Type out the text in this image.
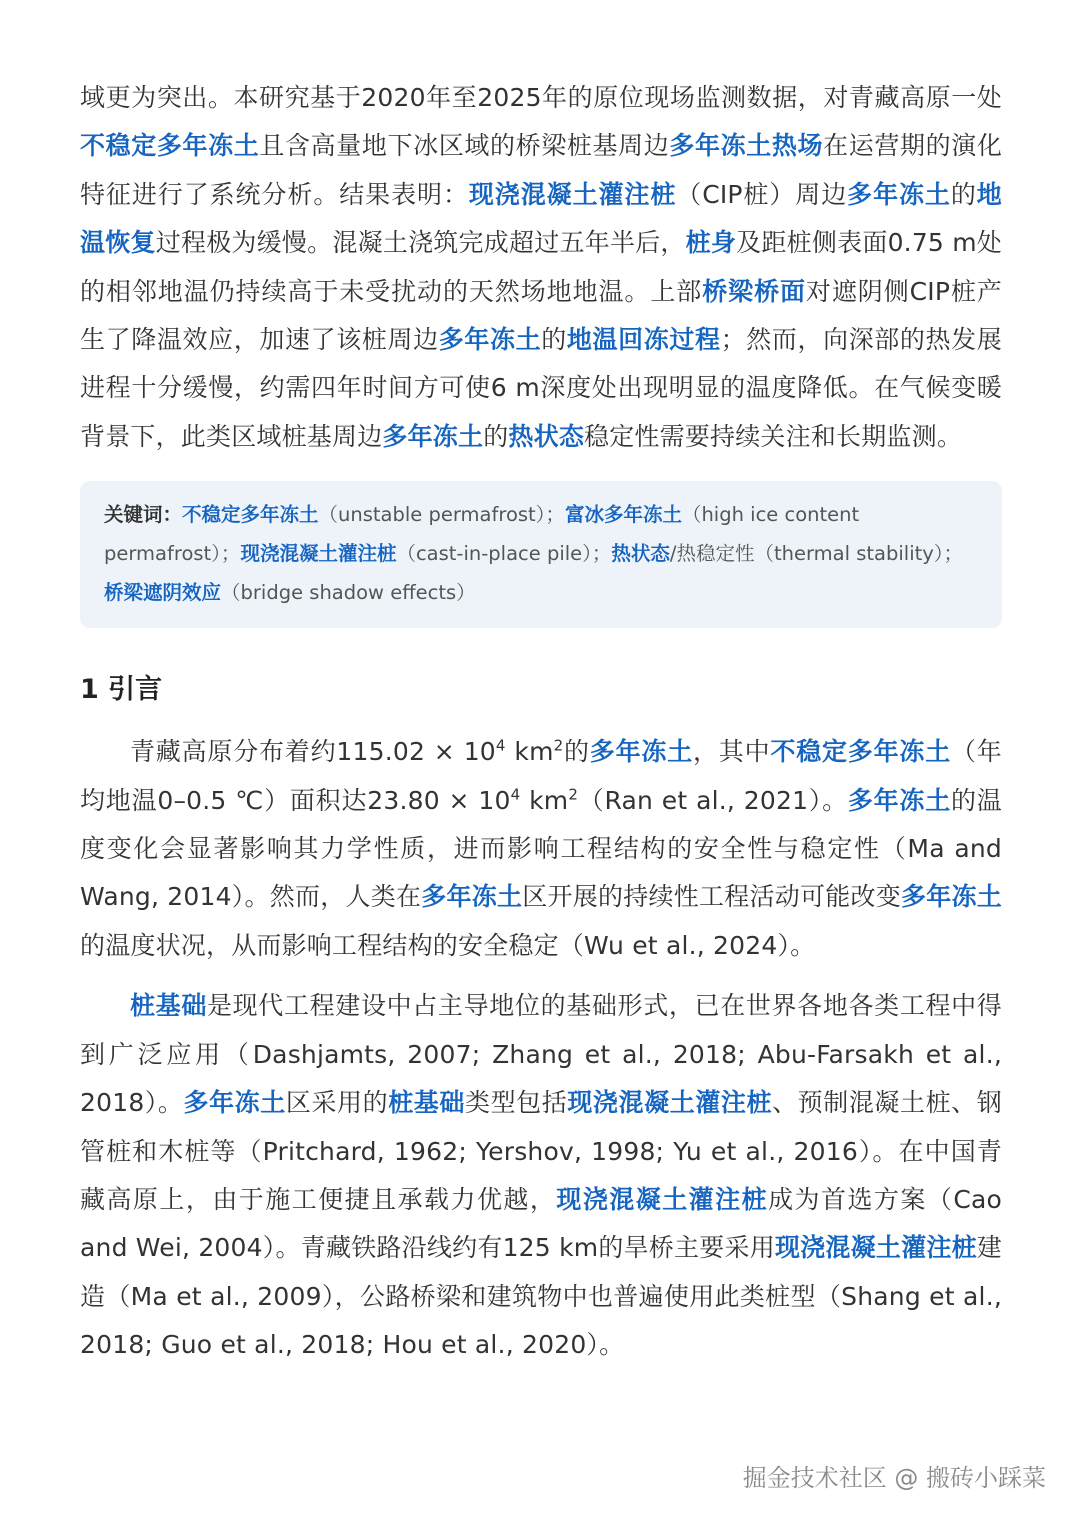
域更为突出。本研究基于2020年至2025年的原位现场监测数据，对青藏高原一处不稳定多年冻土且含高量地下冰区域的桥梁桩基周边多年冻土热场在运营期的演化特征进行了系统分析。结果表明：现浇混凝土灌注桩（CIP桩）周边多年冻土的地温恢复过程极为缓慢。混凝土浇筑完成超过五年半后，桩身及距桩侧表面0.75 m处的相邻地温仍持续高于未受扰动的天然场地地温。上部桥梁桥面对遮阴侧CIP桩产生了降温效应，加速了该桩周边多年冻土的地温回冻过程；然而，向深部的热发展进程十分缓慢，约需四年时间方可使6 m深度处出现明显的温度降低。在气候变暖背景下，此类区域桩基周边多年冻土的热状态稳定性需要持续关注和长期监测。

关键词：不稳定多年冻土（unstable permafrost）；富冰多年冻土（high ice content permafrost）；现浇混凝土灌注桩（cast-in-place pile）；热状态/热稳定性（thermal stability）；桥梁遮阴效应（bridge shadow effects）
1 引言

青藏高原分布着约$115.02 \times 10^4$ $km^2$的多年冻土，其中不稳定多年冻土（年均地温0–0.5 ℃）面积达$23.80 \times 10^4$ $km^2(Ran$ et al., 2021）。多年冻土的温度变化会显著影响其力学性质，进而影响工程结构的安全性与稳定性（Ma and Wang, 2014）。然而，人类在多年冻土区开展的持续性工程活动可能改变多年冻土的温度状况，从而影响工程结构的安全稳定（Wu et al., 2024）。

桩基础是现代工程建设中占主导地位的基础形式，已在世界各地各类工程中得到广泛应用（Dashjamts, 2007; Zhang et al., 2018; Abu-Farsakh et al., 2018）。多年冻土区采用的桩基础类型包括现浇混凝土灌注桩、预制混凝土桩、钢管桩和木桩等（Pritchard, 1962; Yershov, 1998; Yu et al., 2016）。在中国青藏高原上，由于施工便捷且承载力优越，现浇混凝土灌注桩成为首选方案（Cao and Wei, 2004）。青藏铁路沿线约有125 km的旱桥主要采用现浇混凝土灌注桩建造（Ma et al., 2009），公路桥梁和建筑物中也普遍使用此类桩型（Shang et al., 2018; Guo et al., 2018; Hou et al., 2020）。

掘金技术社区 @ 搬砖小踩菜
